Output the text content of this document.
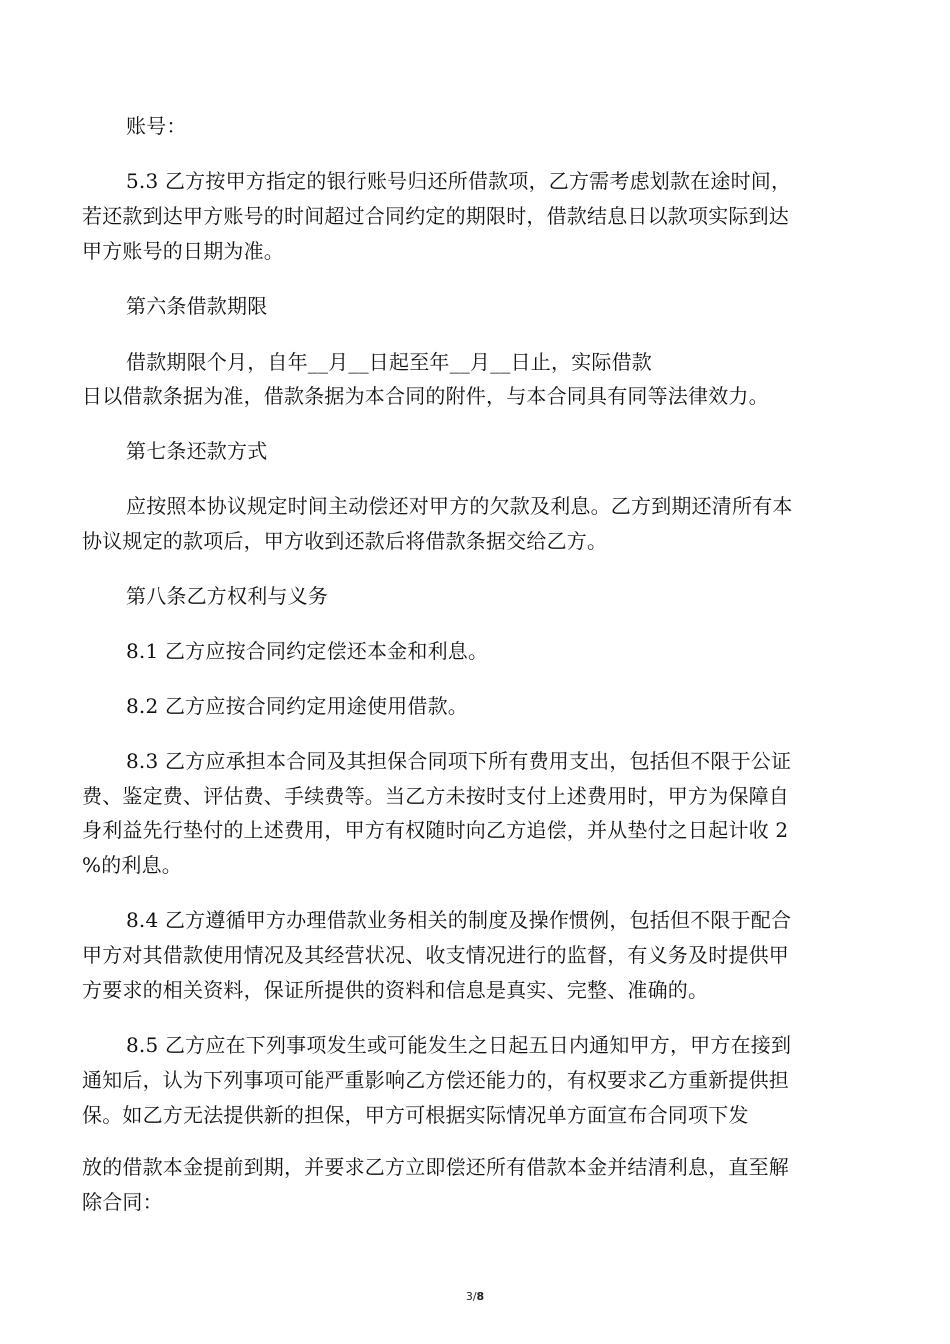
账号：
5.3 乙方按甲方指定的银行账号归还所借款项，乙方需考虑划款在途时间，
若还款到达甲方账号的时间超过合同约定的期限时，借款结息日以款项实际到达
甲方账号的日期为准。
第六条借款期限
借款期限个月，自年__月__日起至年__月__日止，实际借款
日以借款条据为准，借款条据为本合同的附件，与本合同具有同等法律效力。
第七条还款方式
应按照本协议规定时间主动偿还对甲方的欠款及利息。乙方到期还清所有本
协议规定的款项后，甲方收到还款后将借款条据交给乙方。
第八条乙方权利与义务
8.1 乙方应按合同约定偿还本金和利息。
8.2 乙方应按合同约定用途使用借款。
8.3 乙方应承担本合同及其担保合同项下所有费用支出，包括但不限于公证
费、鉴定费、评估费、手续费等。当乙方未按时支付上述费用时，甲方为保障自
身利益先行垫付的上述费用，甲方有权随时向乙方追偿，并从垫付之日起计收 2
%的利息。
8.4 乙方遵循甲方办理借款业务相关的制度及操作惯例，包括但不限于配合
甲方对其借款使用情况及其经营状况、收支情况进行的监督，有义务及时提供甲
方要求的相关资料，保证所提供的资料和信息是真实、完整、准确的。
8.5 乙方应在下列事项发生或可能发生之日起五日内通知甲方，甲方在接到
通知后，认为下列事项可能严重影响乙方偿还能力的，有权要求乙方重新提供担
保。如乙方无法提供新的担保，甲方可根据实际情况单方面宣布合同项下发
放的借款本金提前到期，并要求乙方立即偿还所有借款本金并结清利息，直至解
除合同：
3/8
